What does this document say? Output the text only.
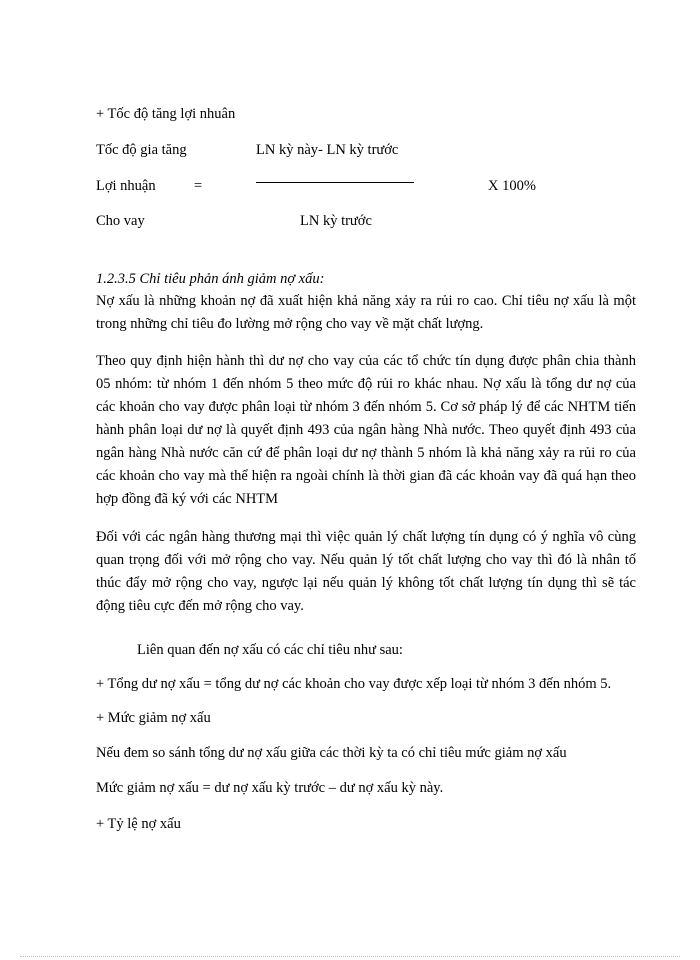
+ Tốc độ tăng lợi nhuân
Tốc độ gia tăng	LN kỳ này- LN kỳ trước
Lợi nhuận	=	X 100%
Cho vay	LN kỳ trước
1.2.3.5 Chỉ tiêu phản ánh giảm nợ xấu:
Nợ xấu là những khoản nợ đã xuất hiện khả năng xảy ra rủi ro cao. Chỉ tiêu nợ xấu là một trong những chỉ tiêu đo lường mở rộng cho vay về mặt chất lượng.
Theo quy định hiện hành thì dư nợ cho vay của các tổ chức tín dụng được phân chia thành 05 nhóm: từ nhóm 1 đến nhóm 5 theo mức độ rủi ro khác nhau. Nợ xấu là tổng dư nợ của các khoản cho vay được phân loại từ nhóm 3 đến nhóm 5. Cơ sở pháp lý để các NHTM tiến hành phân loại dư nợ là quyết định 493 của ngân hàng Nhà nước. Theo quyết định 493 của ngân hàng Nhà nước căn cứ để phân loại dư nợ thành 5 nhóm là khả năng xảy ra rủi ro của các khoản cho vay mà thể hiện ra ngoài chính là thời gian đã các khoản vay đã quá hạn theo hợp đồng đã ký với các NHTM
Đối với các ngân hàng thương mại thì việc quản lý chất lượng tín dụng có ý nghĩa vô cùng quan trọng đối với mở rộng cho vay. Nếu quản lý tốt chất lượng cho vay thì đó là nhân tố thúc đẩy mở rộng cho vay, ngược lại nếu quản lý không tốt chất lượng tín dụng thì sẽ tác động tiêu cực đến mở rộng cho vay.
Liên quan đến nợ xấu có các chỉ tiêu như sau:
+ Tổng dư nợ xấu = tổng dư nợ các khoản cho vay được xếp loại từ nhóm 3 đến nhóm 5.
+ Mức giảm nợ xấu
Nếu đem so sánh tổng dư nợ xấu giữa các thời kỳ ta có chỉ tiêu mức giảm nợ xấu
Mức giảm nợ xấu = dư nợ xấu kỳ trước – dư nợ xấu kỳ này.
+ Tỷ lệ nợ xấu
